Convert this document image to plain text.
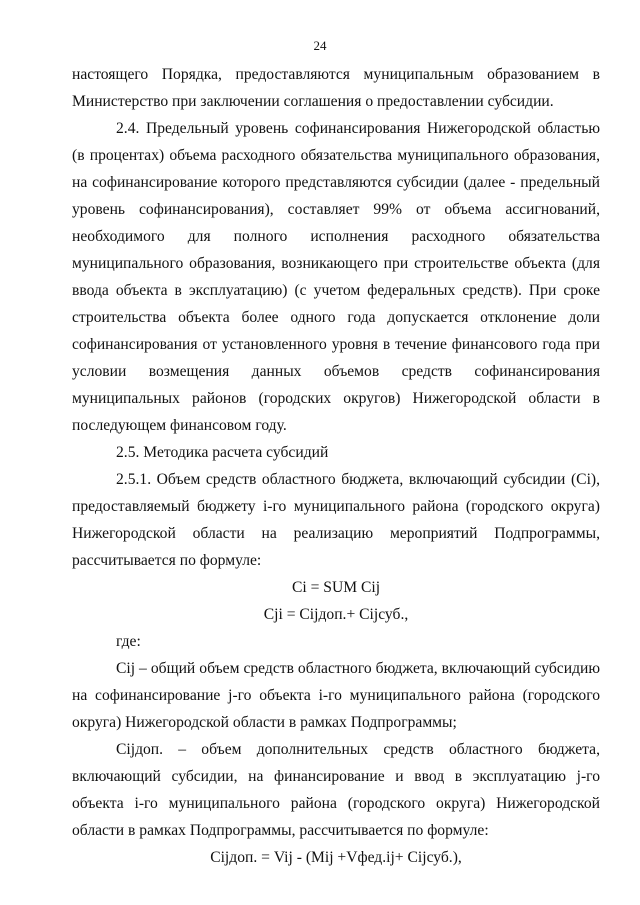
24

настоящего Порядка, предоставляются муниципальным образованием в Министерство при заключении соглашения о предоставлении субсидии.

2.4. Предельный уровень софинансирования Нижегородской областью (в процентах) объема расходного обязательства муниципального образования, на софинансирование которого представляются субсидии (далее - предельный уровень софинансирования), составляет 99% от объема ассигнований, необходимого для полного исполнения расходного обязательства муниципального образования, возникающего при строительстве объекта (для ввода объекта в эксплуатацию) (с учетом федеральных средств). При сроке строительства объекта более одного года допускается отклонение доли софинансирования от установленного уровня в течение финансового года при условии возмещения данных объемов средств софинансирования муниципальных районов (городских округов) Нижегородской области в последующем финансовом году.

2.5. Методика расчета субсидий

2.5.1. Объем средств областного бюджета, включающий субсидии (Ci), предоставляемый бюджету i-го муниципального района (городского округа) Нижегородской области на реализацию мероприятий Подпрограммы, рассчитывается по формуле:

Ci = SUM Cij

Cji = Cijдоп.+ Cijсуб.,

где:

Cij – общий объем средств областного бюджета, включающий субсидию на софинансирование j-го объекта i-го муниципального района (городского округа) Нижегородской области в рамках Подпрограммы;

Cijдоп. – объем дополнительных средств областного бюджета, включающий субсидии, на финансирование и ввод в эксплуатацию j-го объекта i-го муниципального района (городского округа) Нижегородской области в рамках Подпрограммы, рассчитывается по формуле:

Cijдоп. = Vij - (Mij +Vфед.ij+ Cijсуб.),
